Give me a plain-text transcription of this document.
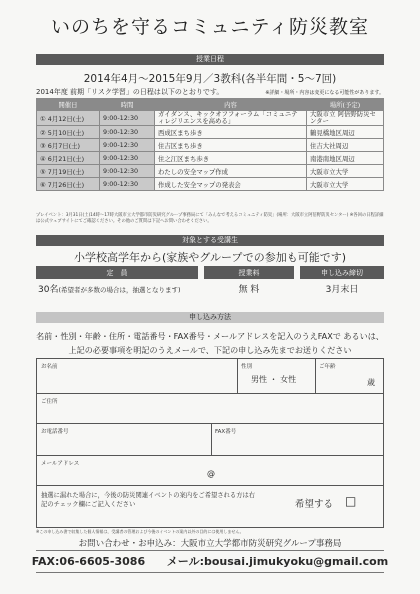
いのちを守るコミュニティ防災教室
授業日程
2014年4月～2015年9月／3教科(各半年間・5～7回)
2014年度 前期「リスク学習」の日程は以下のとおりです。	※詳細・場所・内容は変更になる可能性があります。
開催日	時間	内容	場所(予定)
① 4月12日(土)	9:00-12:30	ガイダンス、キックオフフォーラム「コミュニティレジリエンスを高める」	大阪市立 阿倍野防災センター
② 5月10日(土)	9:00-12:30	西成区まち歩き	鶴見橋地区周辺
③ 6月7日(土)	9:00-12:30	住吉区まち歩き	住吉大社周辺
④ 6月21日(土)	9:00-12:30	住之江区まち歩き	南港南地区周辺
⑤ 7月19日(土)	9:00-12:30	わたしの安全マップ作成	大阪市立大学
⑥ 7月26日(土)	9:00-12:30	作成した安全マップの発表会	大阪市立大学
プレイベント：3月31日(土)14時～17時大阪市立大学都市防災研究グループ事務局にて「みんなで考えるコミュニティ防災」(場所：大阪市立阿倍野防災センター) ※各回の日程詳細は公式ウェブサイトにてご確認ください。その他のご質問は下記へお問い合わせください。
対象とする受講生
小学校高学年から(家族やグループでの参加も可能です)
定　員		授業料		申し込み締切
30名(希望者が多数の場合は，抽選となります)		無 料		3月末日
申し込み方法
名前・性別・年齢・住所・電話番号・FAX番号・メールアドレスを記入のうえFAXで あるいは、上記の必要事項を明記のうえメールで、下記の申し込み先までお送りください
お名前	性別
男性 ・ 女性
ご年齢
歳
ご住所
お電話番号	FAX番号
メールアドレス
@
抽選に漏れた場合に，今後の防災関連イベントの案内をご希望される方は右記のチェック欄にご記入ください	希望する □
※この申し込み書で収集した個人情報は，受講者の管理および今後のイベントの案内以外の目的には使用しません。
お問い合わせ・お申込み：大阪市立大学都市防災研究グループ事務局
FAX:06-6605-3086 メール:bousai.jimukyoku@gmail.com
